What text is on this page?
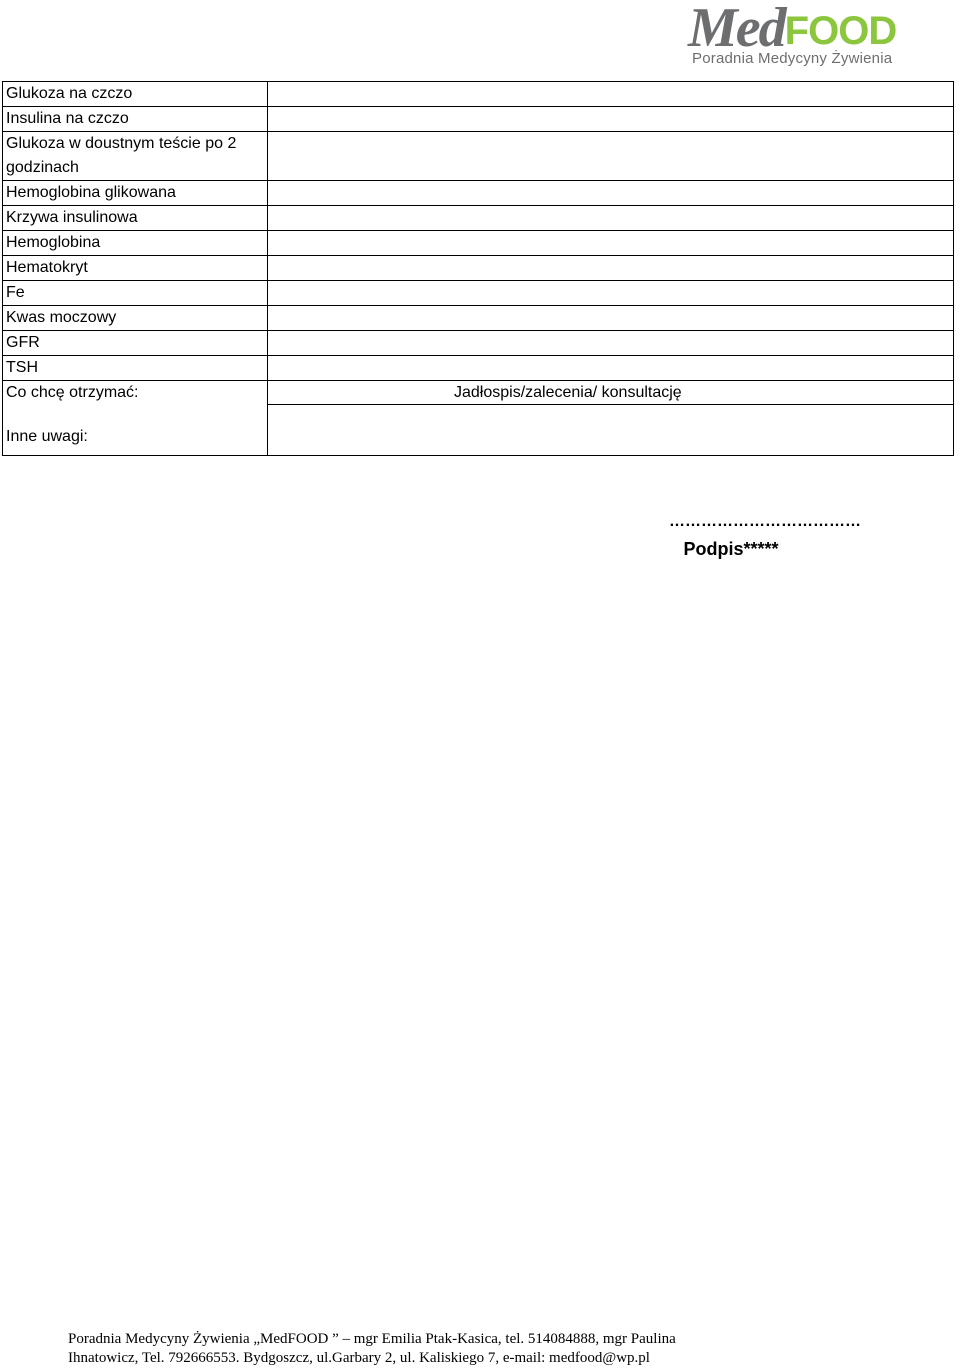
MedFOOD
Poradnia Medycyny Żywienia
Glukoza na czczo
Insulina na czczo
Glukoza w doustnym teście po 2 godzinach
Hemoglobina glikowana
Krzywa insulinowa
Hemoglobina
Hematokryt
Fe
Kwas moczowy
GFR
TSH
Co chcę otrzymać:	Jadłospis/zalecenia/ konsultację
Inne uwagi:
………………………………
Podpis*****
Poradnia Medycyny Żywienia „MedFOOD ” – mgr Emilia Ptak-Kasica, tel. 514084888, mgr Paulina
Ihnatowicz, Tel. 792666553. Bydgoszcz, ul.Garbary 2, ul. Kaliskiego 7, e-mail: medfood@wp.pl
